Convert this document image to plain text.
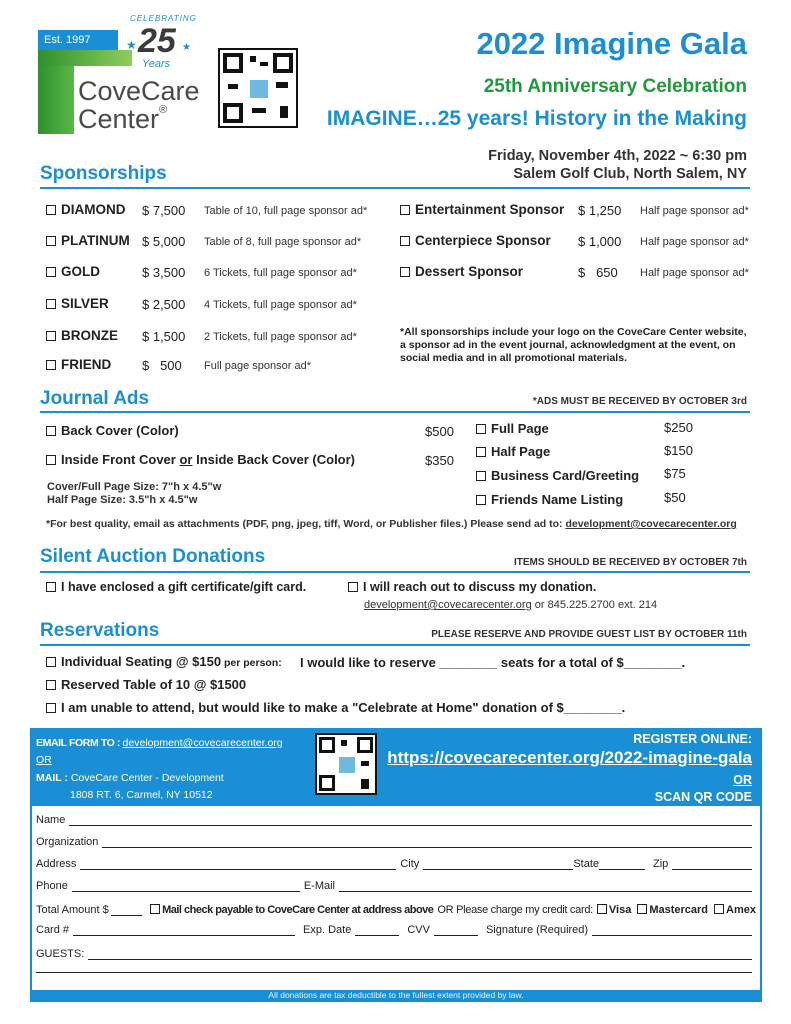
Est. 1997
CELEBRATING
25
★	★
Years
CoveCare
Center®
2022 Imagine Gala
25th Anniversary Celebration
IMAGINE…25 years! History in the Making
Friday, November 4th, 2022 ~ 6:30 pm
Salem Golf Club, North Salem, NY
Sponsorships
DIAMOND $ 7,500 Table of 10, full page sponsor ad*
PLATINUM $ 5,000 Table of 8, full page sponsor ad*
GOLD	$ 3,500 6 Tickets, full page sponsor ad*
SILVER	$ 2,500 4 Tickets, full page sponsor ad*
BRONZE $ 1,500 2 Tickets, full page sponsor ad*
FRIEND $   500 Full page sponsor ad*
Entertainment Sponsor $ 1,250 Half page sponsor ad*
Centerpiece Sponsor $ 1,000 Half page sponsor ad*
Dessert Sponsor	$   650 Half page sponsor ad*
*All sponsorships include your logo on the CoveCare Center website, a sponsor ad in the event journal, acknowledgment at the event, on social media and in all promotional materials.
Journal Ads	*ADS MUST BE RECEIVED BY OCTOBER 3rd
Back Cover (Color)	$500
Inside Front Cover or Inside Back Cover (Color)	$350
Cover/Full Page Size: 7"h x 4.5"w
Half Page Size: 3.5"h x 4.5"w
Full Page	$250
Half Page	$150
Business Card/Greeting $75
Friends Name Listing	$50
*For best quality, email as attachments (PDF, png, jpeg, tiff, Word, or Publisher files.) Please send ad to: development@covecarecenter.org
Silent Auction Donations	ITEMS SHOULD BE RECEIVED BY OCTOBER 7th
I have enclosed a gift certificate/gift card.	I will reach out to discuss my donation.
development@covecarecenter.org or 845.225.2700 ext. 214
Reservations	PLEASE RESERVE AND PROVIDE GUEST LIST BY OCTOBER 11th
Individual Seating @ $150 per person: I would like to reserve ________ seats for a total of $________.
Reserved Table of 10 @ $1500
I am unable to attend, but would like to make a "Celebrate at Home" donation of $________.
EMAIL FORM TO : development@covecarecenter.org
OR
MAIL : CoveCare Center - Development
1808 RT. 6, Carmel, NY 10512
REGISTER ONLINE:
https://covecarecenter.org/2022-imagine-gala
OR
SCAN QR CODE
Name
Organization
Address	City	State	Zip
Phone	E-Mail
Total Amount $	Mail check payable to CoveCare Center at address above OR Please charge my credit card:	Visa	Mastercard	Amex
Card #	Exp. Date	CVV	Signature (Required)
GUESTS:
All donations are tax deductible to the fullest extent provided by law.
